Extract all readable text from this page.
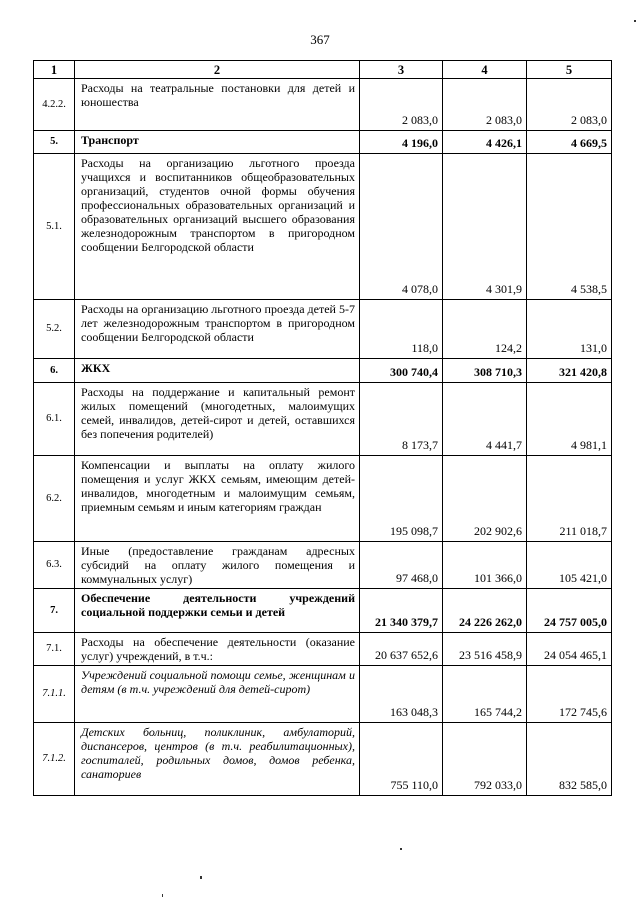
367
1	2	3	4	5
4.2.2.	Расходы на театральные постановки для детей и юношества	2 083,0	2 083,0	2 083,0
5.	Транспорт	4 196,0	4 426,1	4 669,5
5.1.	Расходы на организацию льготного проезда учащихся и воспитанников общеобразовательных организаций, студентов очной формы обучения профессиональных образовательных организаций и образовательных организаций высшего образования железнодорожным транспортом в пригородном сообщении Белгородской области	4 078,0	4 301,9	4 538,5
5.2.	Расходы на организацию льготного проезда детей 5-7 лет железнодорожным транспортом в пригородном сообщении Белгородской области	118,0	124,2	131,0
6.	ЖКХ	300 740,4	308 710,3	321 420,8
6.1.	Расходы на поддержание и капитальный ремонт жилых помещений (многодетных, малоимущих семей, инвалидов, детей-сирот и детей, оставшихся без попечения родителей)	8 173,7	4 441,7	4 981,1
6.2.	Компенсации и выплаты на оплату жилого помещения и услуг ЖКХ семьям, имеющим детей-инвалидов, многодетным и малоимущим семьям, приемным семьям и иным категориям граждан	195 098,7	202 902,6	211 018,7
6.3.	Иные (предоставление гражданам адресных субсидий на оплату жилого помещения и коммунальных услуг)	97 468,0	101 366,0	105 421,0
7.	Обеспечение деятельности учреждений социальной поддержки семьи и детей	21 340 379,7	24 226 262,0	24 757 005,0
7.1.	Расходы на обеспечение деятельности (оказание услуг) учреждений, в т.ч.:	20 637 652,6	23 516 458,9	24 054 465,1
7.1.1.	Учреждений социальной помощи семье, женщинам и детям (в т.ч. учреждений для детей-сирот)	163 048,3	165 744,2	172 745,6
7.1.2.	Детских больниц, поликлиник, амбулаторий, диспансеров, центров (в т.ч. реабилитационных), госпиталей, родильных домов, домов ребенка, санаториев	755 110,0	792 033,0	832 585,0
